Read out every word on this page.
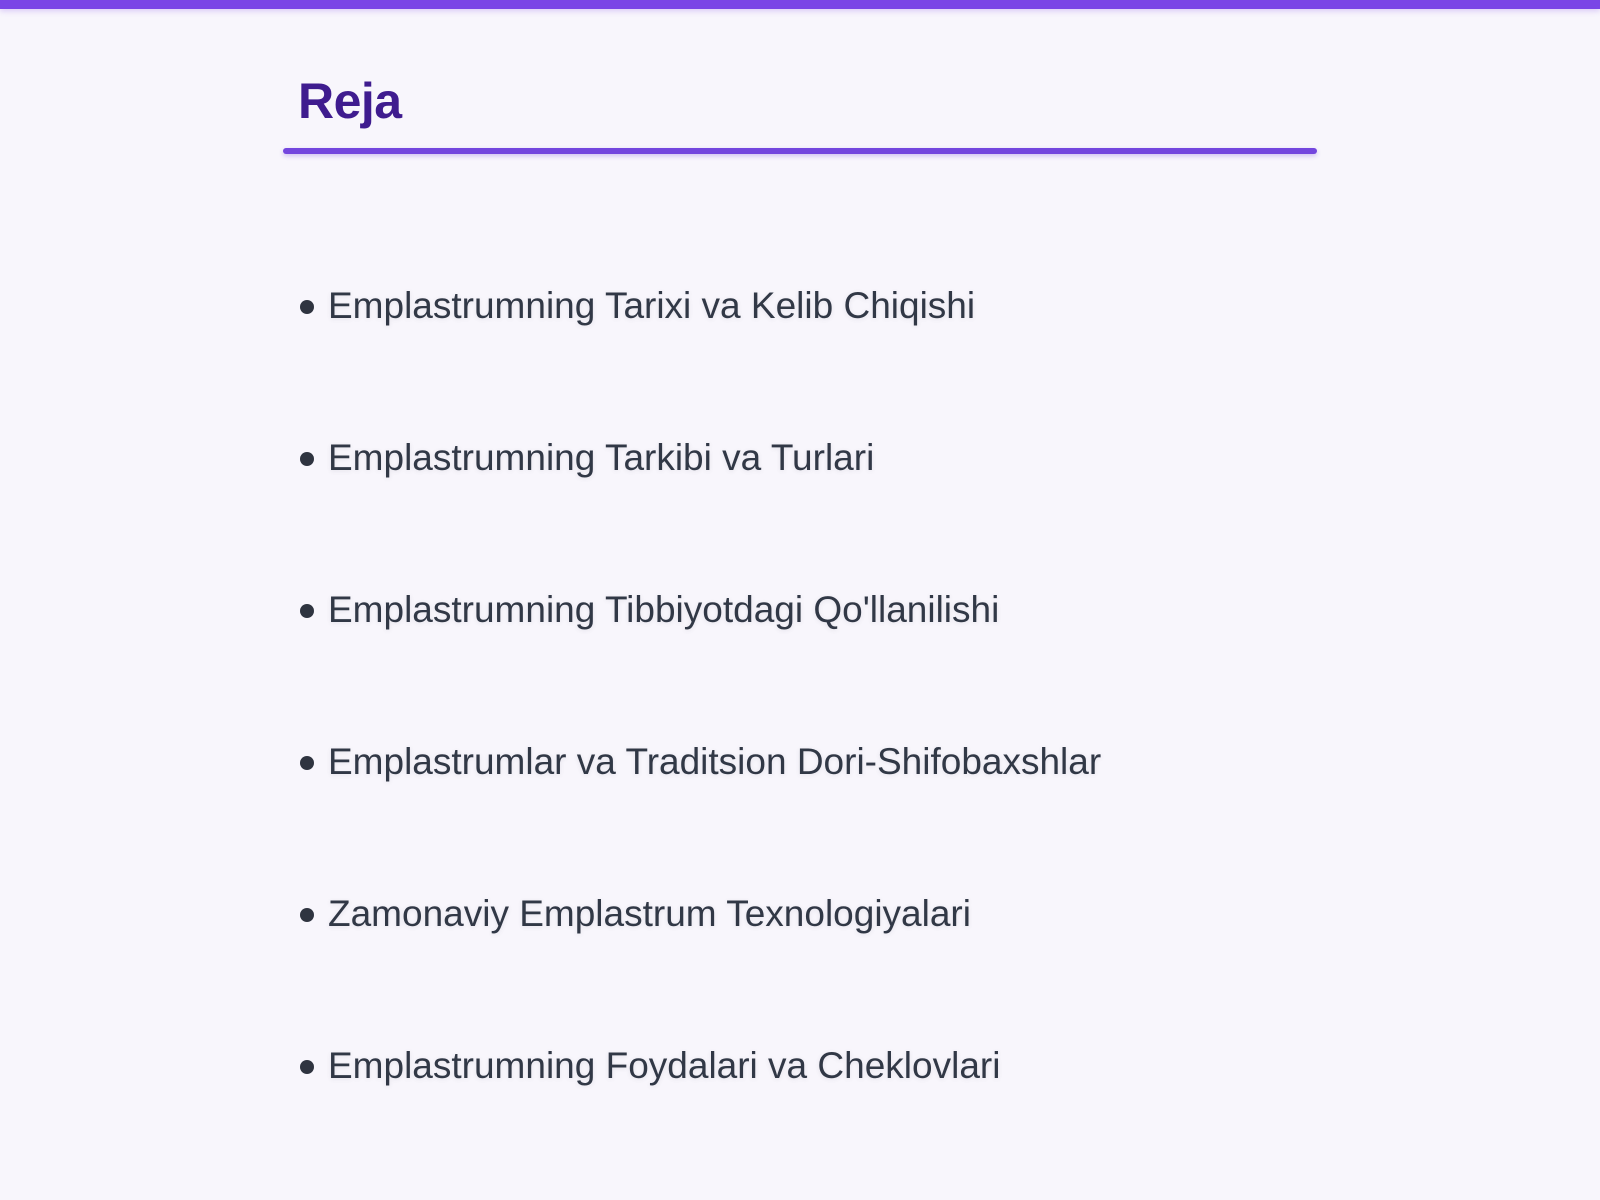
Reja
Emplastrumning Tarixi va Kelib Chiqishi
Emplastrumning Tarkibi va Turlari
Emplastrumning Tibbiyotdagi Qo'llanilishi
Emplastrumlar va Traditsion Dori-Shifobaxshlar
Zamonaviy Emplastrum Texnologiyalari
Emplastrumning Foydalari va Cheklovlari
